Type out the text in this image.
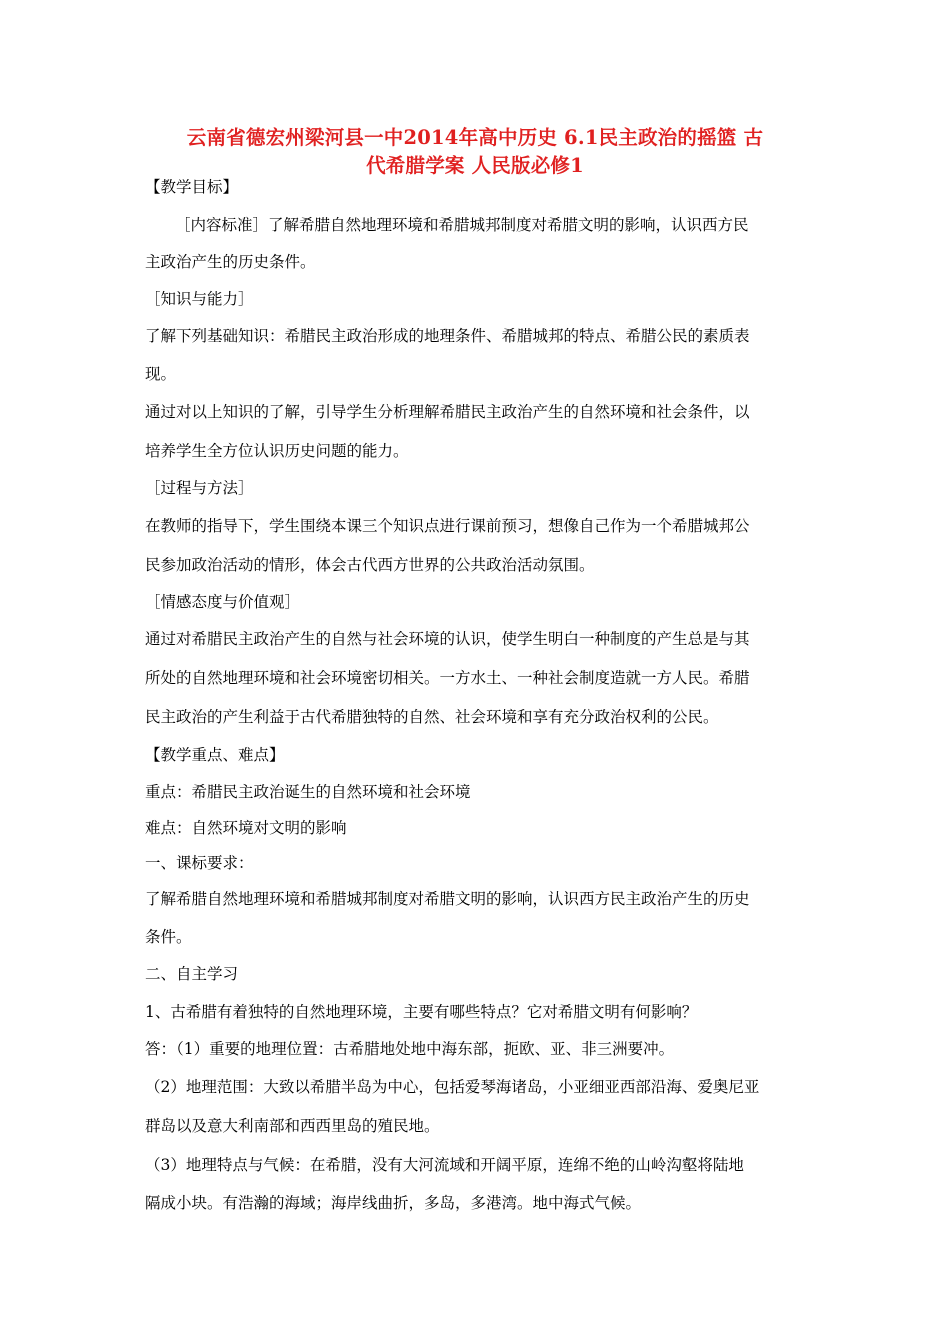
云南省德宏州梁河县一中2014年高中历史 6.1民主政治的摇篮 古
代希腊学案 人民版必修1
【教学目标】
［内容标准］了解希腊自然地理环境和希腊城邦制度对希腊文明的影响，认识西方民
主政治产生的历史条件。
［知识与能力］
了解下列基础知识：希腊民主政治形成的地理条件、希腊城邦的特点、希腊公民的素质表
现。
通过对以上知识的了解，引导学生分析理解希腊民主政治产生的自然环境和社会条件，以
培养学生全方位认识历史问题的能力。
［过程与方法］
在教师的指导下，学生围绕本课三个知识点进行课前预习，想像自己作为一个希腊城邦公
民参加政治活动的情形，体会古代西方世界的公共政治活动氛围。
［情感态度与价值观］
通过对希腊民主政治产生的自然与社会环境的认识，使学生明白一种制度的产生总是与其
所处的自然地理环境和社会环境密切相关。一方水土、一种社会制度造就一方人民。希腊
民主政治的产生利益于古代希腊独特的自然、社会环境和享有充分政治权利的公民。
【教学重点、难点】
重点：希腊民主政治诞生的自然环境和社会环境
难点：自然环境对文明的影响
一、课标要求：
了解希腊自然地理环境和希腊城邦制度对希腊文明的影响，认识西方民主政治产生的历史
条件。
二、自主学习
1、古希腊有着独特的自然地理环境，主要有哪些特点？它对希腊文明有何影响？
答：（1）重要的地理位置：古希腊地处地中海东部，扼欧、亚、非三洲要冲。
（2）地理范围：大致以希腊半岛为中心，包括爱琴海诸岛，小亚细亚西部沿海、爱奥尼亚
群岛以及意大利南部和西西里岛的殖民地。
（3）地理特点与气候：在希腊，没有大河流域和开阔平原，连绵不绝的山岭沟壑将陆地
隔成小块。有浩瀚的海域；海岸线曲折，多岛，多港湾。地中海式气候。
